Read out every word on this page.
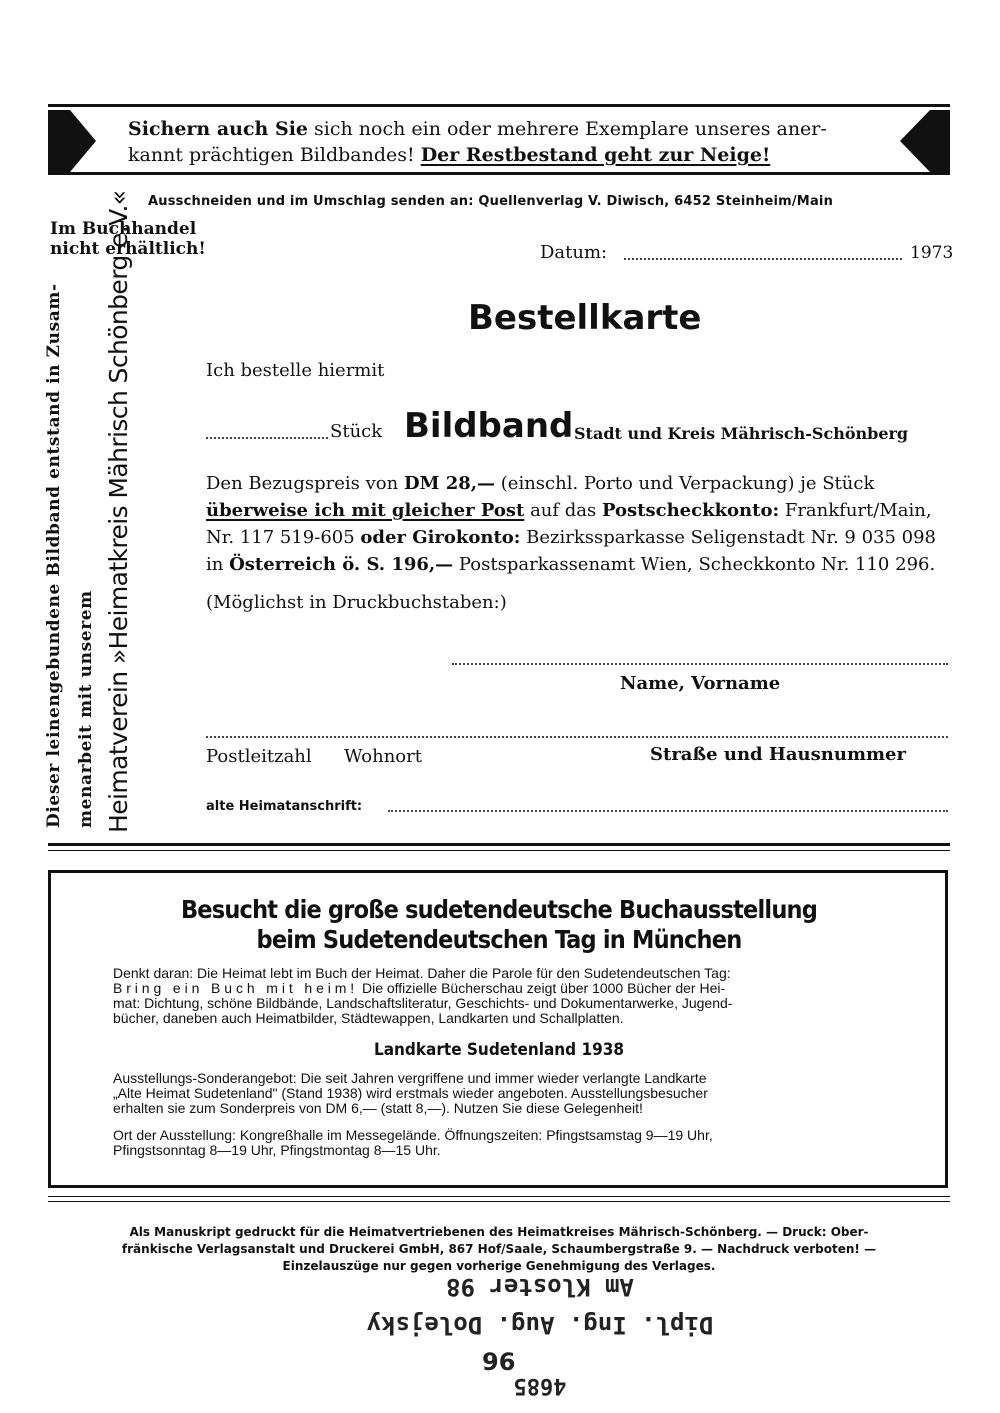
Sichern auch Sie sich noch ein oder mehrere Exemplare unseres aner-
kannt prächtigen Bildbandes! Der Restbestand geht zur Neige!
Ausschneiden und im Umschlag senden an: Quellenverlag V. Diwisch, 6452 Steinheim/Main
Im Buchhandel
nicht erhältlich!	Datum:	1973
Dieser leinengebundene Bildband entstand in Zusam- menarbeit mit unserem Heimatverein »Heimatkreis Mährisch Schönberg e.V.«	Bestellkarte
Ich bestelle hiermit
Stück Bildband Stadt und Kreis Mährisch-Schönberg
Den Bezugspreis von DM 28,— (einschl. Porto und Verpackung) je Stück
überweise ich mit gleicher Post auf das Postscheckkonto: Frankfurt/Main,
Nr. 117 519-605 oder Girokonto: Bezirkssparkasse Seligenstadt Nr. 9 035 098
in Österreich ö. S. 196,— Postsparkassenamt Wien, Scheckkonto Nr. 110 296.
(Möglichst in Druckbuchstaben:)
Name, Vorname
Postleitzahl Wohnort	Straße und Hausnummer
alte Heimatanschrift:
Besucht die große sudetendeutsche Buchausstellung
beim Sudetendeutschen Tag in München
Denkt daran: Die Heimat lebt im Buch der Heimat. Daher die Parole für den Sudetendeutschen Tag:
B r i n g   e i n   B u c h   m i t   h e i m !  Die offizielle Bücherschau zeigt über 1000 Bücher der Hei-
mat: Dichtung, schöne Bildbände, Landschaftsliteratur, Geschichts- und Dokumentarwerke, Jugend-
bücher, daneben auch Heimatbilder, Städtewappen, Landkarten und Schallplatten.
Landkarte Sudetenland 1938
Ausstellungs-Sonderangebot: Die seit Jahren vergriffene und immer wieder verlangte Landkarte
„Alte Heimat Sudetenland" (Stand 1938) wird erstmals wieder angeboten. Ausstellungsbesucher
erhalten sie zum Sonderpreis von DM 6,— (statt 8,—). Nutzen Sie diese Gelegenheit!
Ort der Ausstellung: Kongreßhalle im Messegelände. Öffnungszeiten: Pfingstsamstag 9—19 Uhr,
Pfingstsonntag 8—19 Uhr, Pfingstmontag 8—15 Uhr.
Als Manuskript gedruckt für die Heimatvertriebenen des Heimatkreises Mährisch-Schönberg. — Druck: Ober-
fränkische Verlagsanstalt und Druckerei GmbH, 867 Hof/Saale, Schaumbergstraße 9. — Nachdruck verboten! —
Einzelauszüge nur gegen vorherige Genehmigung des Verlages.
4685
Dipl. Ing. Aug. Dolejsky
Am Kloster 98
96
